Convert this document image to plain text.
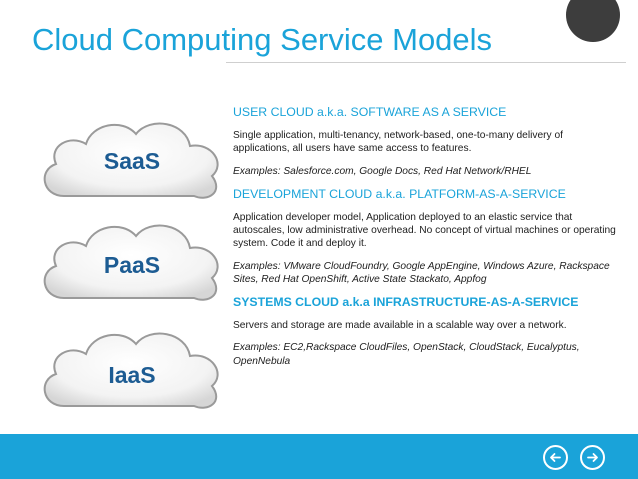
Cloud Computing Service Models
SaaS
PaaS
IaaS
USER CLOUD a.k.a. SOFTWARE AS A SERVICE
Single application, multi-tenancy, network-based, one-to-many delivery of applications, all users have same access to features.
Examples: Salesforce.com, Google Docs, Red Hat Network/RHEL
DEVELOPMENT CLOUD a.k.a. PLATFORM-AS-A-SERVICE
Application developer model, Application deployed to an elastic service that autoscales, low administrative overhead. No concept of virtual machines or operating system. Code it and deploy it.
Examples: VMware CloudFoundry, Google AppEngine, Windows Azure, Rackspace Sites, Red Hat OpenShift, Active State Stackato, Appfog
SYSTEMS CLOUD a.k.a INFRASTRUCTURE-AS-A-SERVICE
Servers and storage are made available in a scalable way over a network.
Examples: EC2,Rackspace CloudFiles, OpenStack, CloudStack, Eucalyptus, OpenNebula
